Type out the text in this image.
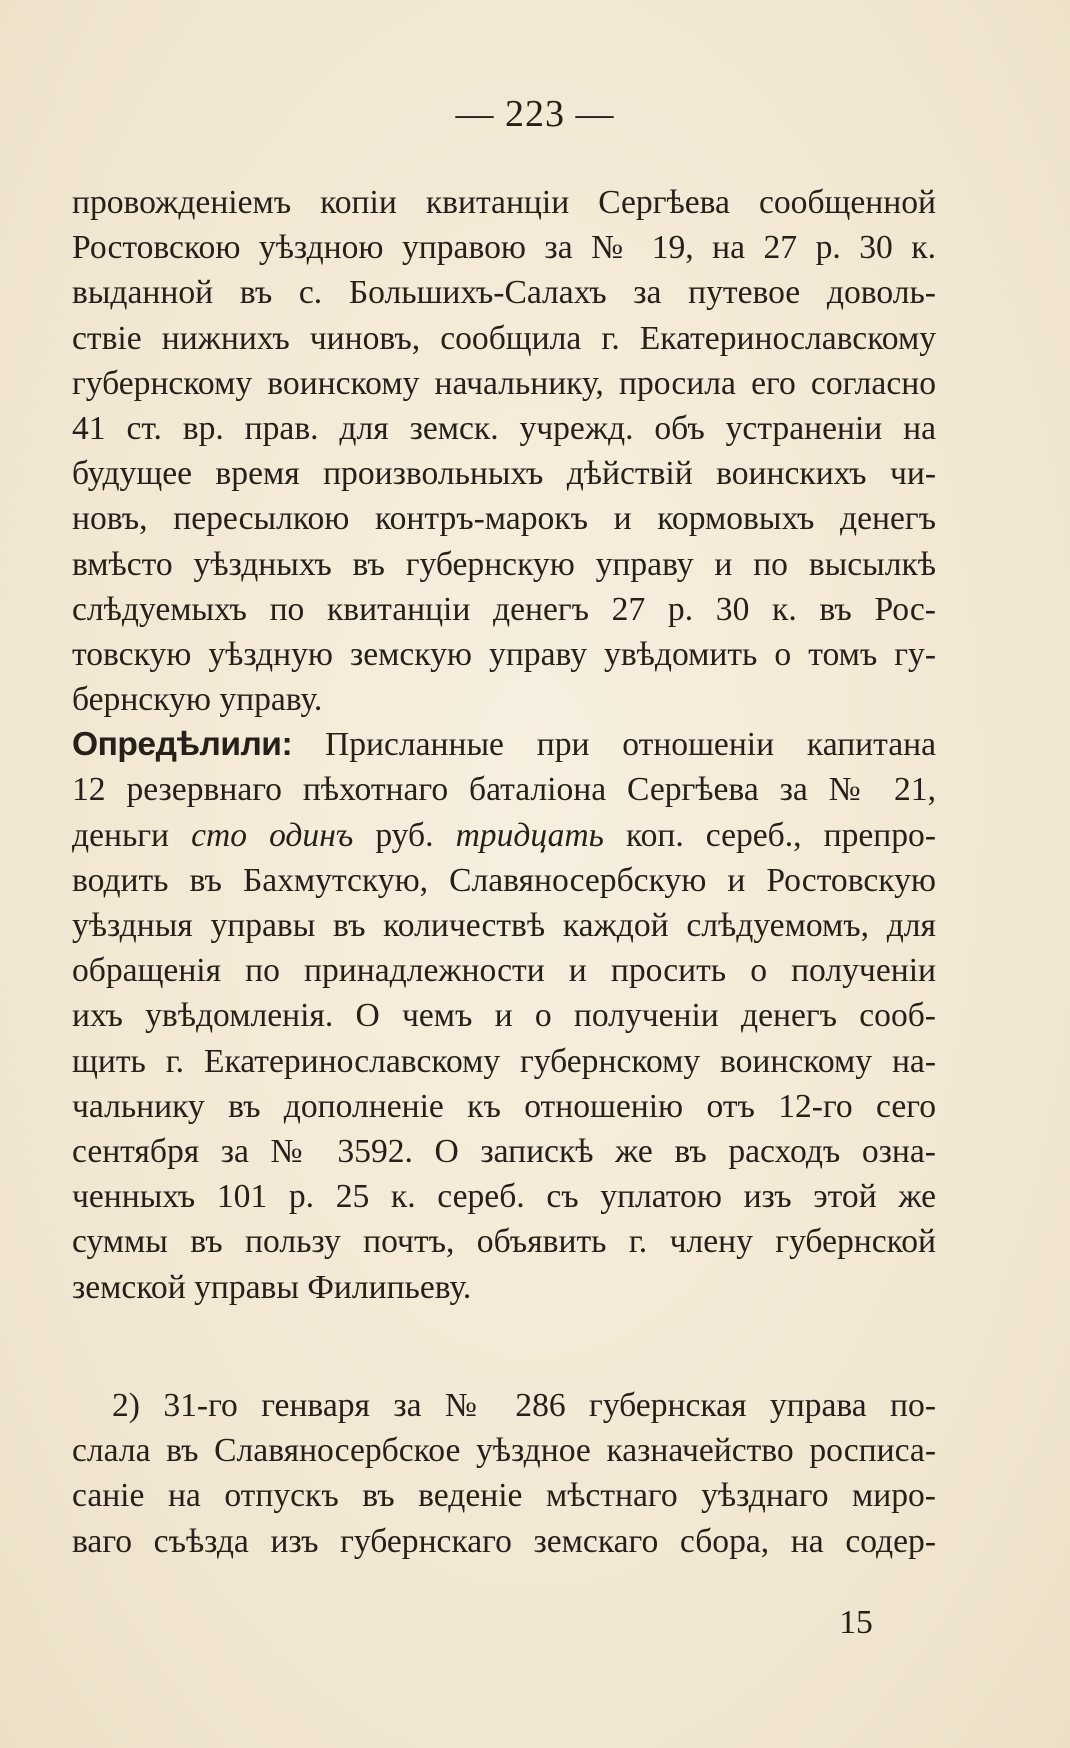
— 223 —
провожденіемъ копіи квитанціи Сергѣева сообщенной
Ростовскою уѣздною управою за № 19, на 27 р. 30 к.
выданной въ с. Большихъ-Салахъ за путевое доволь-
ствіе нижнихъ чиновъ, сообщила г. Екатеринославскому
губернскому воинскому начальнику, просила его согласно
41 ст. вр. прав. для земск. учрежд. объ устраненіи на
будущее время произвольныхъ дѣйствій воинскихъ чи-
новъ, пересылкою контръ-марокъ и кормовыхъ денегъ
вмѣсто уѣздныхъ въ губернскую управу и по высылкѣ
слѣдуемыхъ по квитанціи денегъ 27 р. 30 к. въ Рос-
товскую уѣздную земскую управу увѣдомить о томъ гу-
бернскую управу.
Опредѣлили: Присланные при отношеніи капитана
12 резервнаго пѣхотнаго баталіона Сергѣева за № 21,
деньги сто одинъ руб. тридцать коп. сереб., препро-
водить въ Бахмутскую, Славяносербскую и Ростовскую
уѣздныя управы въ количествѣ каждой слѣдуемомъ, для
обращенія по принадлежности и просить о полученіи
ихъ увѣдомленія. О чемъ и о полученіи денегъ сооб-
щить г. Екатеринославскому губернскому воинскому на-
чальнику въ дополненіе къ отношенію отъ 12-го сего
сентября за № 3592. О запискѣ же въ расходъ озна-
ченныхъ 101 р. 25 к. сереб. съ уплатою изъ этой же
суммы въ пользу почтъ, объявить г. члену губернской
земской управы Филипьеву.
2) 31-го генваря за № 286 губернская управа по-
слала въ Славяносербское уѣздное казначейство росписа-
саніе на отпускъ въ веденіе мѣстнаго уѣзднаго миро-
ваго съѣзда изъ губернскаго земскаго сбора, на содер-
15
